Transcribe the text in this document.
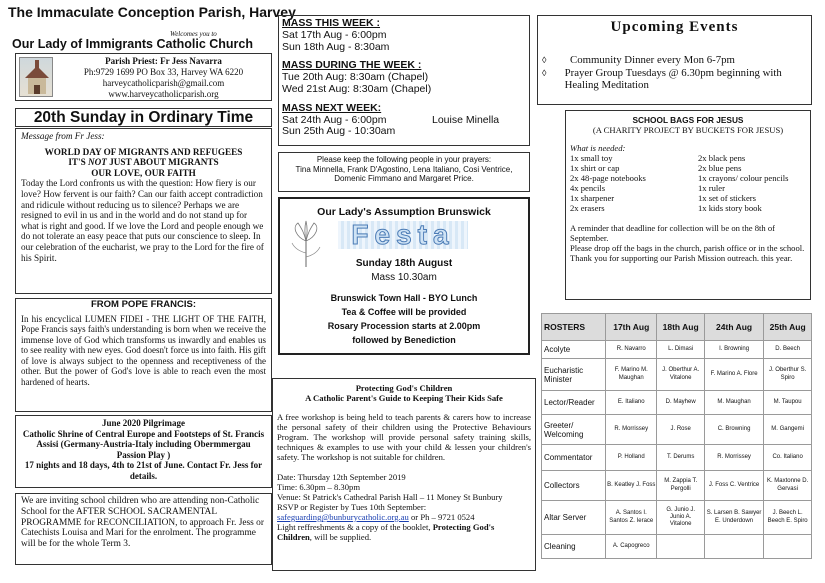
The Immaculate Conception Parish, Harvey
Welcomes you to
Our Lady of Immigrants Catholic Church

Parish Priest: Fr Jess Navarra

Ph:9729 1699 PO Box 33, Harvey WA 6220

harveycatholicparish@gmail.com

www.harveycatholicparish.org

20th Sunday in Ordinary Time

Message from Fr Jess:

WORLD DAY OF MIGRANTS AND REFUGEES

IT'S NOT JUST ABOUT MIGRANTS

OUR LOVE, OUR FAITH

Today the Lord confronts us with the question: How fiery is our love? How fervent is our faith? Can our faith accept contradiction and ridicule without reducing us to silence? Perhaps we are resigned to evil in us and in the world and do not stand up for what is right and good. If we love the Lord and people enough we do not tolerate an easy peace that puts our conscience to sleep. In our celebration of the eucharist, we pray to the Lord for the fire of his Spirit.

FROM POPE FRANCIS:

In his encyclical LUMEN FIDEI - THE LIGHT OF THE FAITH, Pope Francis says faith's understanding is born when we receive the immense love of God which transforms us inwardly and enables us to see reality with new eyes. God doesn't force us into faith. His gift of love is always subject to the openness and receptiveness of the other. But the power of God's love is able to reach even the most hardened of hearts.

June 2020 Pilgrimage

Catholic Shrine of Central Europe and Footsteps of St. Francis Assisi (Germany-Austria-Italy including Obermmergau Passion Play )

17 nights and 18 days, 4th to 21st of June. Contact Fr. Jess for details.

We are inviting school children who are attending non-Catholic School for the AFTER SCHOOL SACRAMENTAL PROGRAMME for RECONCILIATION, to approach Fr. Jess or Catechists Louisa and Mari for the enrolment. The programme will be for the whole Term 3.

MASS THIS WEEK :

Sat 17th Aug - 6:00pm

Sun 18th Aug - 8:30am

MASS DURING THE WEEK :

Tue 20th Aug: 8:30am (Chapel)

Wed 21st Aug: 8:30am (Chapel)

MASS NEXT WEEK:

Sat 24th Aug - 6:00pm	Louise Minella

Sun 25th Aug - 10:30am

Please keep the following people in your prayers:

Tina Minnella, Frank D'Agostino, Lena Italiano, Cosi Ventrice, Domenic Fimmano and Margaret Price.

Our Lady's Assumption Brunswick
Festa

Sunday 18th August

Mass 10.30am

Brunswick Town Hall - BYO Lunch

Tea & Coffee will be provided

Rosary Procession starts at 2.00pm

followed by Benediction

Protecting God's Children

A Catholic Parent's Guide to Keeping Their Kids Safe

A free workshop is being held to teach parents & carers how to increase the personal safety of their children using the Protective Behaviours Program. The workshop will provide personal safety training skills, techniques & examples to use with your child & lessen your children's safety. The workshop is not suitable for children.

Date: Thursday 12th September 2019

Time: 6.30pm – 8.30pm

Venue: St Patrick's Cathedral Parish Hall – 11 Money St Bunbury

RSVP or Register by Tues 10th September:

safeguarding@bunburycatholic.org.au or Ph – 9721 0524

Light reffreshments & a copy of the booklet, Protecting God's Children, will be supplied.

Upcoming Events
◊	Community Dinner every Mon 6-7pm
◊	Prayer Group Tuesdays @ 6.30pm beginning with Healing Meditation

SCHOOL BAGS FOR JESUS

(A CHARITY PROJECT BY BUCKETS FOR JESUS)

What is needed:

1x small toy
1x shirt or cap
2x 48-page notebooks
4x pencils
1x sharpener
2x erasers
2x black pens
2x blue pens
1x crayons/ colour pencils
1x ruler
1x set of stickers
1x kids story book

A reminder that deadline for collection will be on the 8th of September.

Please drop off the bags in the church, parish office or in the school.

Thank you for supporting our Parish Mission outreach. this year.

ROSTERS	17th Aug	18th Aug	24th Aug	25th Aug
Acolyte	R. Navarro	L. Dimasi	I. Browning	D. Beech
Eucharistic Minister	F. Marino M. Maughan	J. Oberthur A. Vitalone	F. Marino A. Flore	J. Oberthur S. Spiro
Lector/Reader	E. Italiano	D. Mayhew	M. Maughan	M. Taupou
Greeter/ Welcoming	R. Morrissey	J. Rose	C. Browning	M. Gangemi
Commentator	P. Holland	T. Derums	R. Morrissey	Co. Italiano
Collectors	B. Keatley J. Foss	M. Zappia T. Pergolli	J. Foss C. Ventrice	K. Maxtonne D. Gervasi
Altar Server	A. Santos I. Santos Z. Ierace	G. Junio J. Junio A. Vitalone	S. Larsen B. Sawyer E. Underdown	J. Beech L. Beech E. Spiro
Cleaning	A. Capogreco			
